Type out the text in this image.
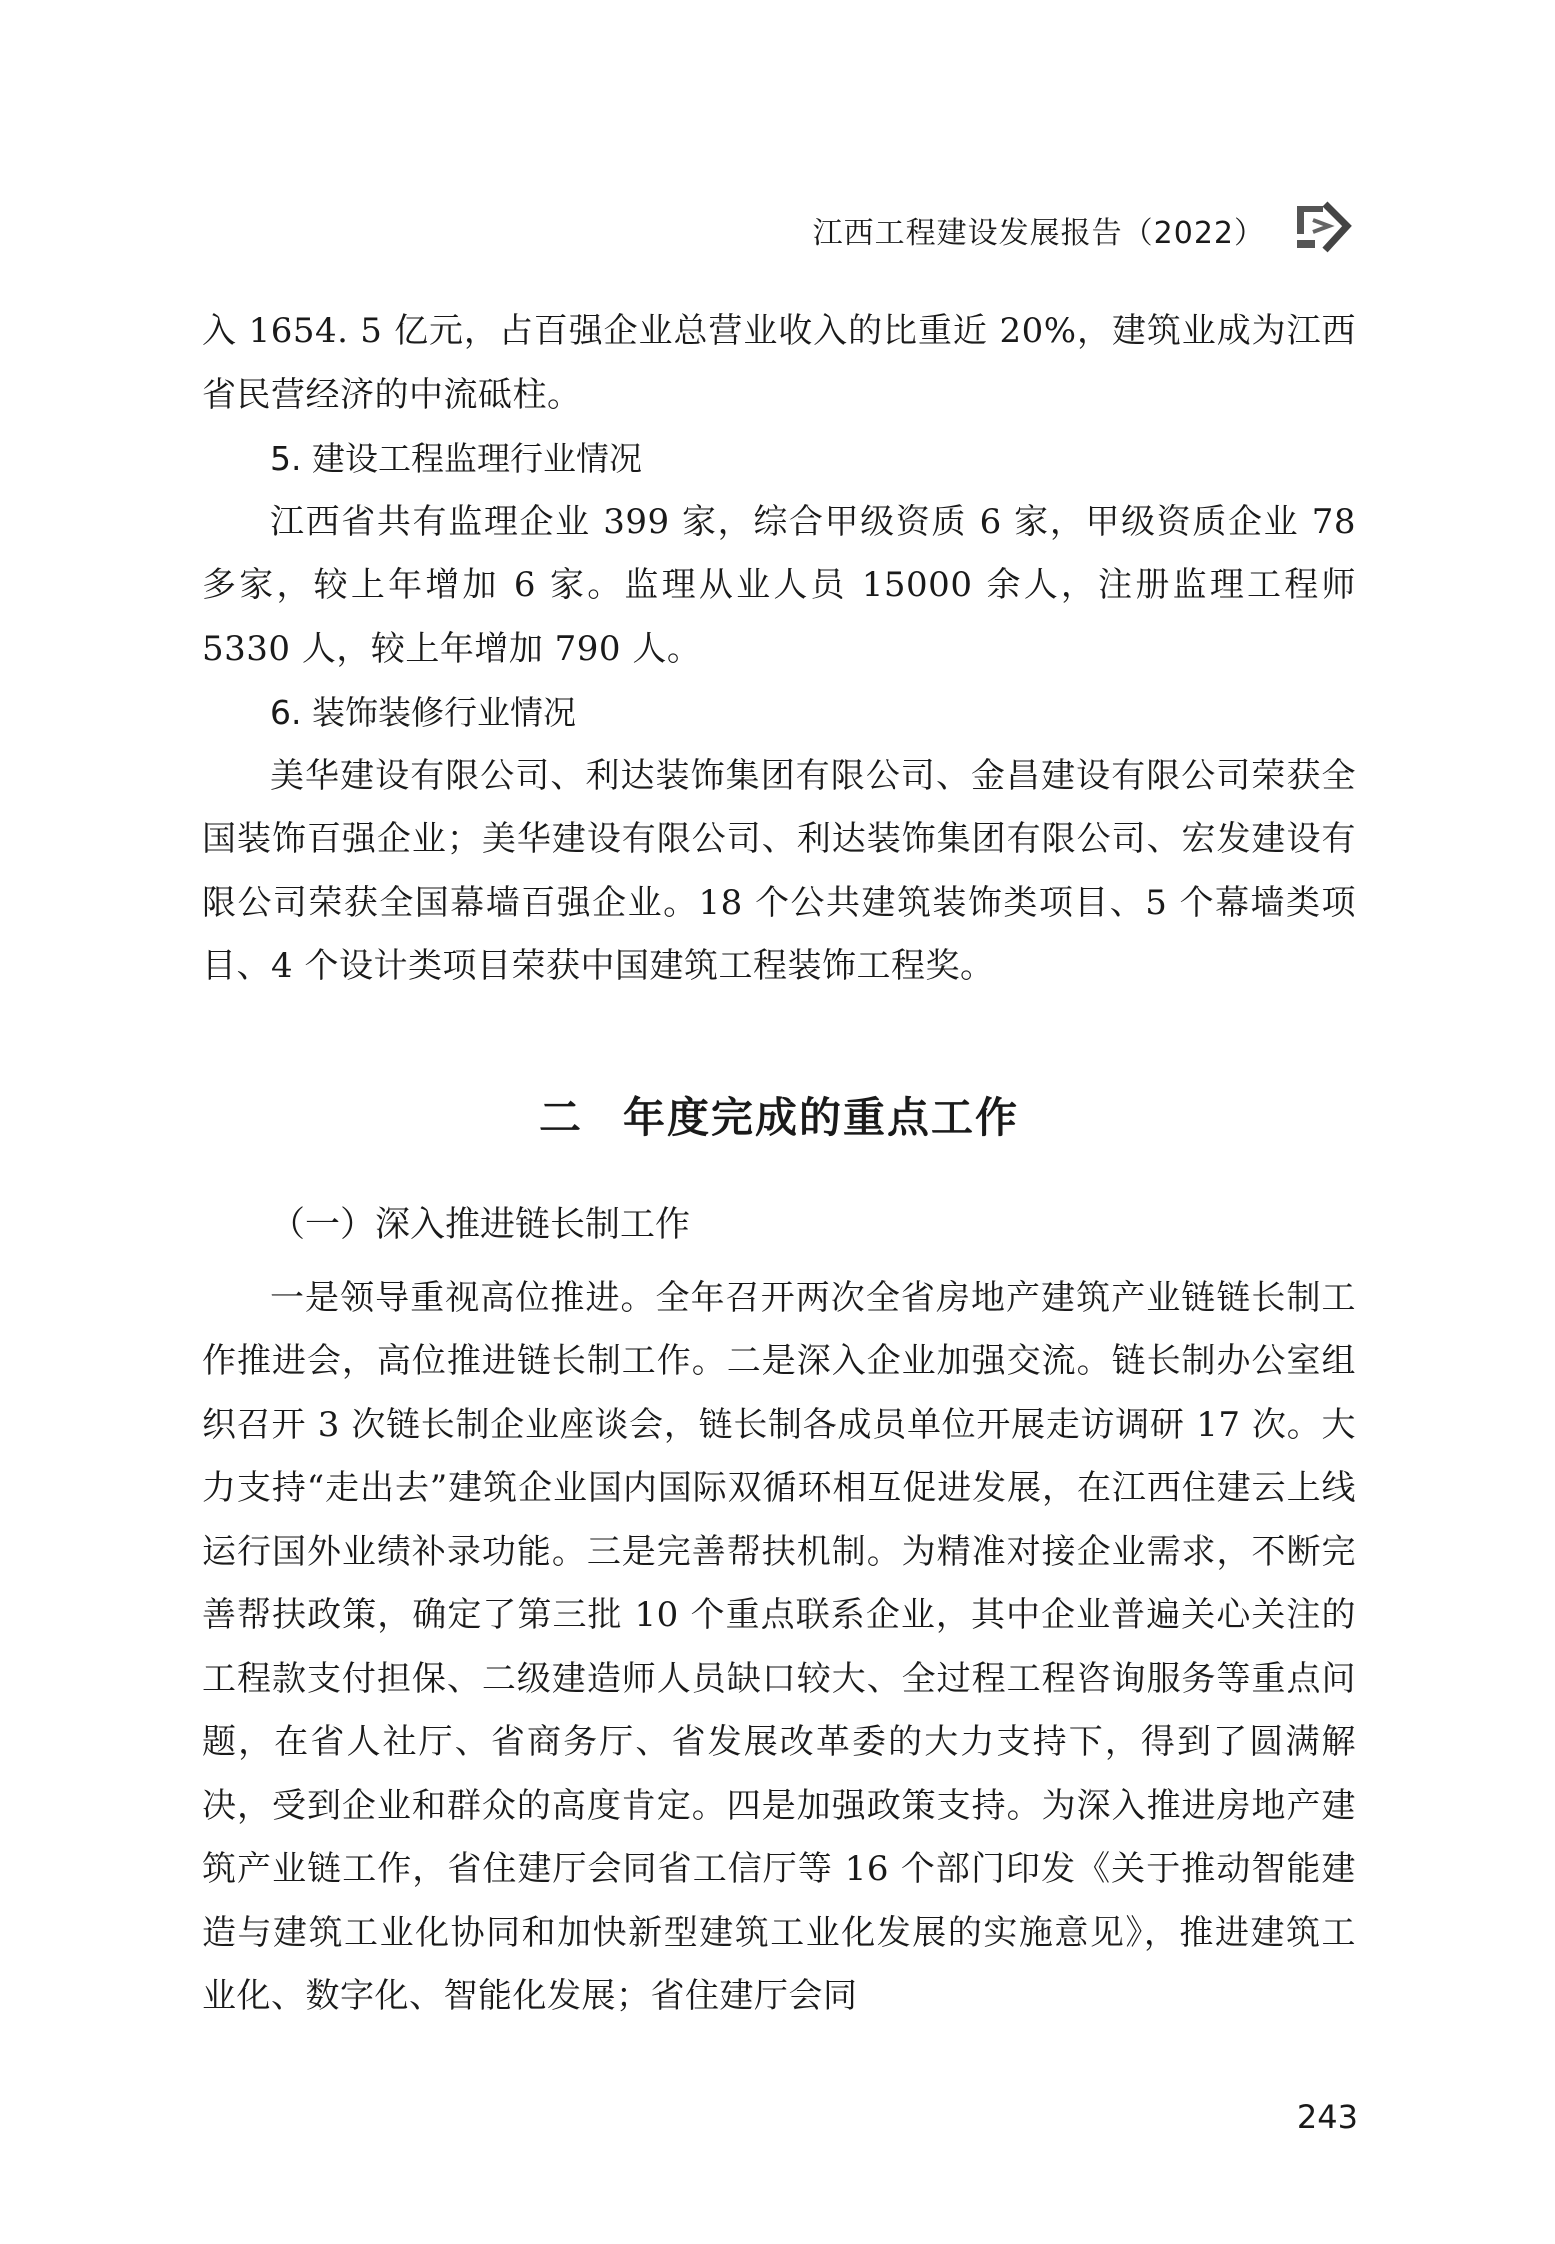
江西工程建设发展报告（2022）

入 1654. 5 亿元，占百强企业总营业收入的比重近 20%，建筑业成为江西省民营经济的中流砥柱。

5. 建设工程监理行业情况

江西省共有监理企业 399 家，综合甲级资质 6 家，甲级资质企业 78 多家，较上年增加 6 家。监理从业人员 15000 余人，注册监理工程师 5330 人，较上年增加 790 人。

6. 装饰装修行业情况

美华建设有限公司、利达装饰集团有限公司、金昌建设有限公司荣获全国装饰百强企业；美华建设有限公司、利达装饰集团有限公司、宏发建设有限公司荣获全国幕墙百强企业。18 个公共建筑装饰类项目、5 个幕墙类项目、4 个设计类项目荣获中国建筑工程装饰工程奖。

二 年度完成的重点工作

（一）深入推进链长制工作

一是领导重视高位推进。全年召开两次全省房地产建筑产业链链长制工作推进会，高位推进链长制工作。二是深入企业加强交流。链长制办公室组织召开 3 次链长制企业座谈会，链长制各成员单位开展走访调研 17 次。大力支持“走出去”建筑企业国内国际双循环相互促进发展，在江西住建云上线运行国外业绩补录功能。三是完善帮扶机制。为精准对接企业需求，不断完善帮扶政策，确定了第三批 10 个重点联系企业，其中企业普遍关心关注的工程款支付担保、二级建造师人员缺口较大、全过程工程咨询服务等重点问题，在省人社厅、省商务厅、省发展改革委的大力支持下，得到了圆满解决，受到企业和群众的高度肯定。四是加强政策支持。为深入推进房地产建筑产业链工作，省住建厅会同省工信厅等 16 个部门印发《关于推动智能建造与建筑工业化协同和加快新型建筑工业化发展的实施意见》，推进建筑工业化、数字化、智能化发展；省住建厅会同

243
